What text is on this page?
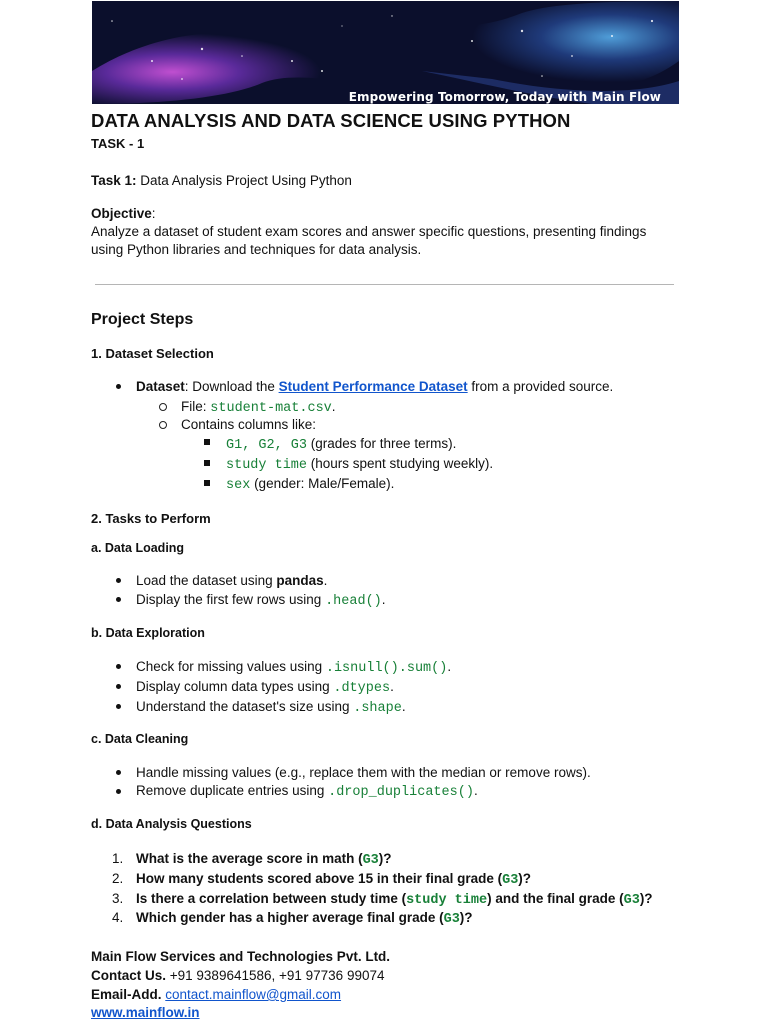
Empowering Tomorrow, Today with Main Flow
DATA ANALYSIS AND DATA SCIENCE USING PYTHON
TASK - 1
Task 1: Data Analysis Project Using Python
Objective:
Analyze a dataset of student exam scores and answer specific questions, presenting findings
using Python libraries and techniques for data analysis.
Project Steps
1. Dataset Selection
Dataset: Download the Student Performance Dataset from a provided source.
File: student-mat.csv.
Contains columns like:
G1, G2, G3 (grades for three terms).
study time (hours spent studying weekly).
sex (gender: Male/Female).
2. Tasks to Perform
a. Data Loading
Load the dataset using pandas.
Display the first few rows using .head().
b. Data Exploration
Check for missing values using .isnull().sum().
Display column data types using .dtypes.
Understand the dataset's size using .shape.
c. Data Cleaning
Handle missing values (e.g., replace them with the median or remove rows).
Remove duplicate entries using .drop_duplicates().
d. Data Analysis Questions
1. What is the average score in math (G3)?
2. How many students scored above 15 in their final grade (G3)?
3. Is there a correlation between study time (study time) and the final grade (G3)?
4. Which gender has a higher average final grade (G3)?
Main Flow Services and Technologies Pvt. Ltd.
Contact Us. +91 9389641586, +91 97736 99074
Email-Add. contact.mainflow@gmail.com
www.mainflow.in
